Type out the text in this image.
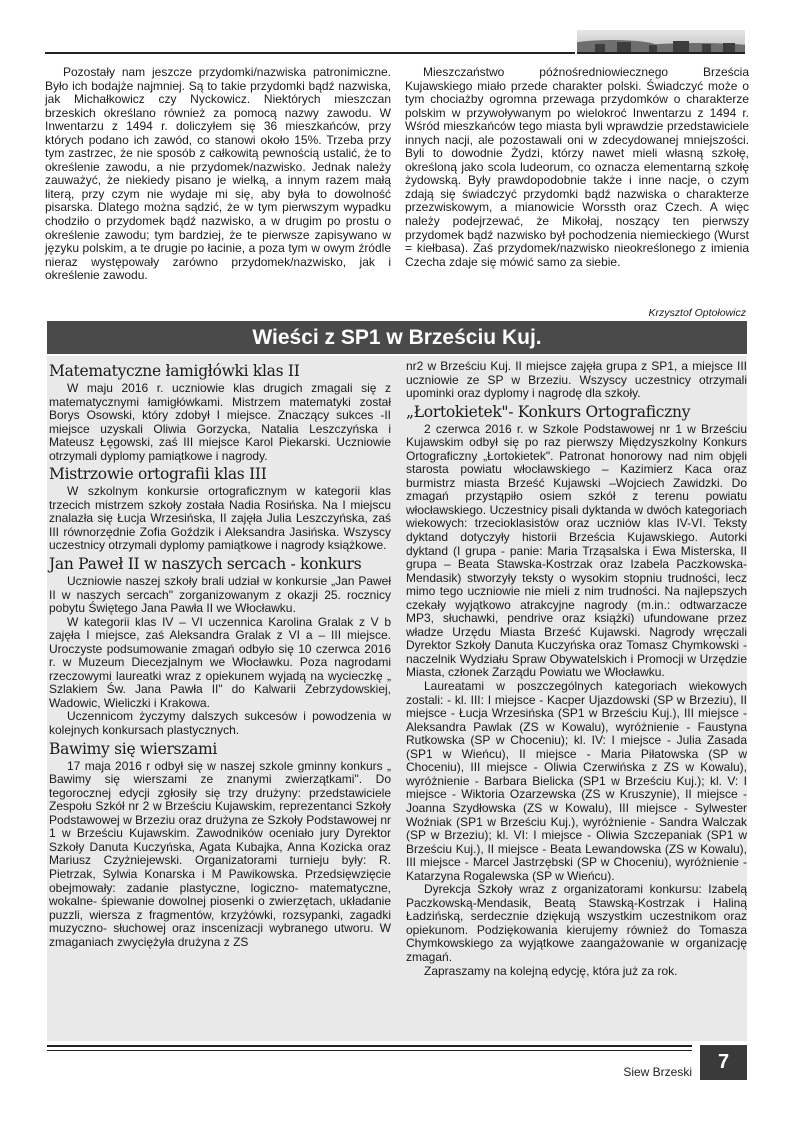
Pozostały nam jeszcze przydomki/nazwiska patronimiczne. Było ich bodajże najmniej. Są to takie przydomki bądź nazwiska, jak Michałkowicz czy Nyckowicz. Niektórych mieszczan brzeskich określano również za pomocą nazwy zawodu. W Inwentarzu z 1494 r. doliczyłem się 36 mieszkańców, przy których podano ich zawód, co stanowi około 15%. Trzeba przy tym zastrzec, że nie sposób z całkowitą pewnością ustalić, że to określenie zawodu, a nie przydomek/nazwisko. Jednak należy zauważyć, że niekiedy pisano je wielką, a innym razem małą literą, przy czym nie wydaje mi się, aby była to dowolność pisarska. Dlatego można sądzić, że w tym pierwszym wypadku chodziło o przydomek bądź nazwisko, a w drugim po prostu o określenie zawodu; tym bardziej, że te pierwsze zapisywano w języku polskim, a te drugie po łacinie, a poza tym w owym źródle nieraz występowały zarówno przydomek/nazwisko, jak i określenie zawodu.

Mieszczaństwo późnośredniowiecznego Brześcia Kujawskiego miało przede charakter polski. Świadczyć może o tym chociażby ogromna przewaga przydomków o charakterze polskim w przywoływanym po wielokroć Inwentarzu z 1494 r. Wśród mieszkańców tego miasta byli wprawdzie przedstawiciele innych nacji, ale pozostawali oni w zdecydowanej mniejszości. Byli to dowodnie Żydzi, którzy nawet mieli własną szkołę, określoną jako scola ludeorum, co oznacza elementarną szkołę żydowską. Były prawdopodobnie także i inne nacje, o czym zdają się świadczyć przydomki bądź nazwiska o charakterze przezwiskowym, a mianowicie Worssth oraz Czech. A więc należy podejrzewać, że Mikołaj, noszący ten pierwszy przydomek bądź nazwisko był pochodzenia niemieckiego (Wurst = kiełbasa). Zaś przydomek/nazwisko nieokreślonego z imienia Czecha zdaje się mówić samo za siebie.

Krzysztof Optołowicz
Wieści z SP1 w Brześciu Kuj.
Matematyczne łamigłówki klas II

W maju 2016 r. uczniowie klas drugich zmagali się z matematycznymi łamigłówkami. Mistrzem matematyki został Borys Osowski, który zdobył I miejsce. Znaczący sukces -II miejsce uzyskali Oliwia Gorzycka, Natalia Leszczyńska i Mateusz Łęgowski, zaś III miejsce Karol Piekarski. Uczniowie otrzymali dyplomy pamiątkowe i nagrody.

Mistrzowie ortografii klas III

W szkolnym konkursie ortograficznym w kategorii klas trzecich mistrzem szkoły została Nadia Rosińska. Na I miejscu znalazła się Łucja Wrzesińska, II zajęła Julia Leszczyńska, zaś III równorzędnie Zofia Goździk i Aleksandra Jasińska. Wszyscy uczestnicy otrzymali dyplomy pamiątkowe i nagrody książkowe.

Jan Paweł II w naszych sercach - konkurs

Uczniowie naszej szkoły brali udział w konkursie „Jan Paweł II w naszych sercach" zorganizowanym z okazji 25. rocznicy pobytu Świętego Jana Pawła II we Włocławku.

W kategorii klas IV – VI uczennica Karolina Gralak z V b zajęła I miejsce, zaś Aleksandra Gralak z VI a – III miejsce. Uroczyste podsumowanie zmagań odbyło się 10 czerwca 2016 r. w Muzeum Diecezjalnym we Włocławku. Poza nagrodami rzeczowymi laureatki wraz z opiekunem wyjadą na wycieczkę „ Szlakiem Św. Jana Pawła II" do Kalwarii Zebrzydowskiej, Wadowic, Wieliczki i Krakowa.

Uczennicom życzymy dalszych sukcesów i powodzenia w kolejnych konkursach plastycznych.

Bawimy się wierszami

17 maja 2016 r odbył się w naszej szkole gminny konkurs „ Bawimy się wierszami ze znanymi zwierzątkami". Do tegorocznej edycji zgłosiły się trzy drużyny: przedstawiciele Zespołu Szkół nr 2 w Brześciu Kujawskim, reprezentanci Szkoły Podstawowej w Brzeziu oraz drużyna ze Szkoły Podstawowej nr 1 w Brześciu Kujawskim. Zawodników oceniało jury Dyrektor Szkoły Danuta Kuczyńska, Agata Kubajka, Anna Kozicka oraz Mariusz Czyżniejewski. Organizatorami turnieju były: R. Pietrzak, Sylwia Konarska i M Pawikowska. Przedsięwzięcie obejmowały: zadanie plastyczne, logiczno- matematyczne, wokalne- śpiewanie dowolnej piosenki o zwierzętach, układanie puzzli, wiersza z fragmentów, krzyżówki, rozsypanki, zagadki muzyczno- słuchowej oraz inscenizacji wybranego utworu. W zmaganiach zwyciężyła drużyna z ZS

nr2 w Brześciu Kuj. II miejsce zajęła grupa z SP1, a miejsce III uczniowie ze SP w Brzeziu. Wszyscy uczestnicy otrzymali upominki oraz dyplomy i nagrodę dla szkoły.

„Łortokietek"- Konkurs Ortograficzny

2 czerwca 2016 r. w Szkole Podstawowej nr 1 w Brześciu Kujawskim odbył się po raz pierwszy Międzyszkolny Konkurs Ortograficzny „Łortokietek". Patronat honorowy nad nim objęli starosta powiatu włocławskiego – Kazimierz Kaca oraz burmistrz miasta Brześć Kujawski –Wojciech Zawidzki. Do zmagań przystąpiło osiem szkół z terenu powiatu włocławskiego. Uczestnicy pisali dyktanda w dwóch kategoriach wiekowych: trzecioklasistów oraz uczniów klas IV-VI. Teksty dyktand dotyczyły historii Brześcia Kujawskiego. Autorki dyktand (I grupa - panie: Maria Trząsalska i Ewa Misterska, II grupa – Beata Stawska-Kostrzak oraz Izabela Paczkowska-Mendasik) stworzyły teksty o wysokim stopniu trudności, lecz mimo tego uczniowie nie mieli z nim trudności. Na najlepszych czekały wyjątkowo atrakcyjne nagrody (m.in.: odtwarzacze MP3, słuchawki, pendrive oraz książki) ufundowane przez władze Urzędu Miasta Brześć Kujawski. Nagrody wręczali Dyrektor Szkoły Danuta Kuczyńska oraz Tomasz Chymkowski - naczelnik Wydziału Spraw Obywatelskich i Promocji w Urzędzie Miasta, członek Zarządu Powiatu we Włocławku.

Laureatami w poszczególnych kategoriach wiekowych zostali: - kl. III: I miejsce - Kacper Ujazdowski (SP w Brzeziu), II miejsce - Łucja Wrzesińska (SP1 w Brześciu Kuj.), III miejsce - Aleksandra Pawlak (ZS w Kowalu), wyróżnienie - Faustyna Rutkowska (SP w Choceniu); kl. IV: I miejsce - Julia Zasada (SP1 w Wieńcu), II miejsce - Maria Piłatowska (SP w Choceniu), III miejsce - Oliwia Czerwińska z ZS w Kowalu), wyróżnienie - Barbara Bielicka (SP1 w Brześciu Kuj.); kl. V: I miejsce - Wiktoria Ozarzewska (ZS w Kruszynie), II miejsce - Joanna Szydłowska (ZS w Kowalu), III miejsce - Sylwester Woźniak (SP1 w Brześciu Kuj.), wyróżnienie - Sandra Walczak (SP w Brzeziu); kl. VI: I miejsce - Oliwia Szczepaniak (SP1 w Brześciu Kuj.), II miejsce - Beata Lewandowska (ZS w Kowalu), III miejsce - Marcel Jastrzębski (SP w Choceniu), wyróżnienie - Katarzyna Rogalewska (SP w Wieńcu).

Dyrekcja Szkoły wraz z organizatorami konkursu: Izabelą Paczkowską-Mendasik, Beatą Stawską-Kostrzak i Haliną Ładzińską, serdecznie dziękują wszystkim uczestnikom oraz opiekunom. Podziękowania kierujemy również do Tomasza Chymkowskiego za wyjątkowe zaangażowanie w organizację zmagań.

Zapraszamy na kolejną edycję, która już za rok.

Siew Brzeski	7
